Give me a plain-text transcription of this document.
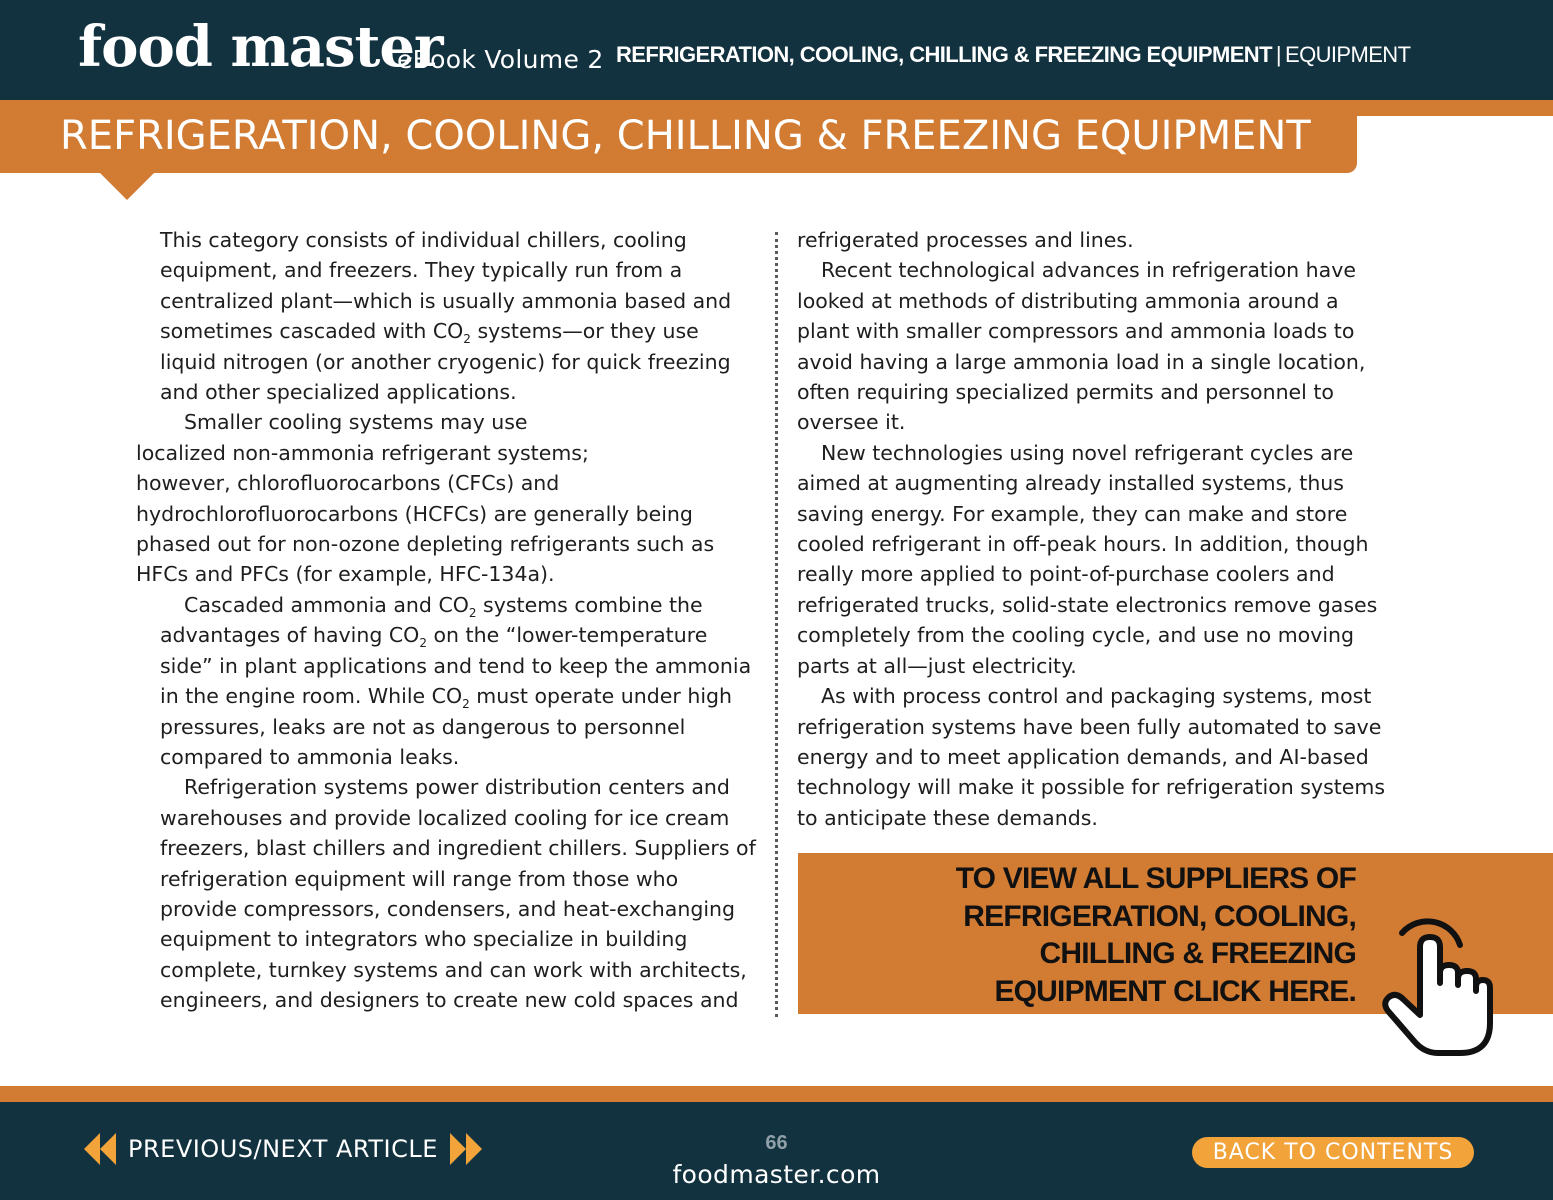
food master
eBook Volume 2 REFRIGERATION, COOLING, CHILLING & FREEZING EQUIPMENT | EQUIPMENT
REFRIGERATION, COOLING, CHILLING & FREEZING EQUIPMENT

This category consists of individual chillers, cooling equipment, and freezers. They typically run from a centralized plant—which is usually ammonia based and sometimes cascaded with $CO_2$ systems—or they use liquid nitrogen (or another cryogenic) for quick freezing and other specialized applications.

Smaller cooling systems may use
localized non-ammonia refrigerant systems;
however, chlorofluorocarbons (CFCs) and hydrochlorofluorocarbons (HCFCs) are generally being phased out for non-ozone depleting refrigerants such as HFCs and PFCs (for example, HFC-134a).

Cascaded ammonia and $CO_2$ systems combine the advantages of having $CO_2$ on the “lower-temperature side” in plant applications and tend to keep the ammonia in the engine room. While $CO_2$ must operate under high pressures, leaks are not as dangerous to personnel compared to ammonia leaks.

Refrigeration systems power distribution centers and warehouses and provide localized cooling for ice cream freezers, blast chillers and ingredient chillers. Suppliers of refrigeration equipment will range from those who provide compressors, condensers, and heat-exchanging equipment to integrators who specialize in building complete, turnkey systems and can work with architects, engineers, and designers to create new cold spaces and

refrigerated processes and lines.

Recent technological advances in refrigeration have looked at methods of distributing ammonia around a plant with smaller compressors and ammonia loads to avoid having a large ammonia load in a single location, often requiring specialized permits and personnel to oversee it.

New technologies using novel refrigerant cycles are aimed at augmenting already installed systems, thus saving energy. For example, they can make and store cooled refrigerant in off-peak hours. In addition, though really more applied to point-of-purchase coolers and refrigerated trucks, solid-state electronics remove gases completely from the cooling cycle, and use no moving parts at all—just electricity.

As with process control and packaging systems, most refrigeration systems have been fully automated to save energy and to meet application demands, and AI-based technology will make it possible for refrigeration systems to anticipate these demands.

TO VIEW ALL SUPPLIERS OF
REFRIGERATION, COOLING,
CHILLING & FREEZING
EQUIPMENT CLICK HERE.
PREVIOUS/NEXT ARTICLE	66
foodmaster.com
BACK TO CONTENTS
